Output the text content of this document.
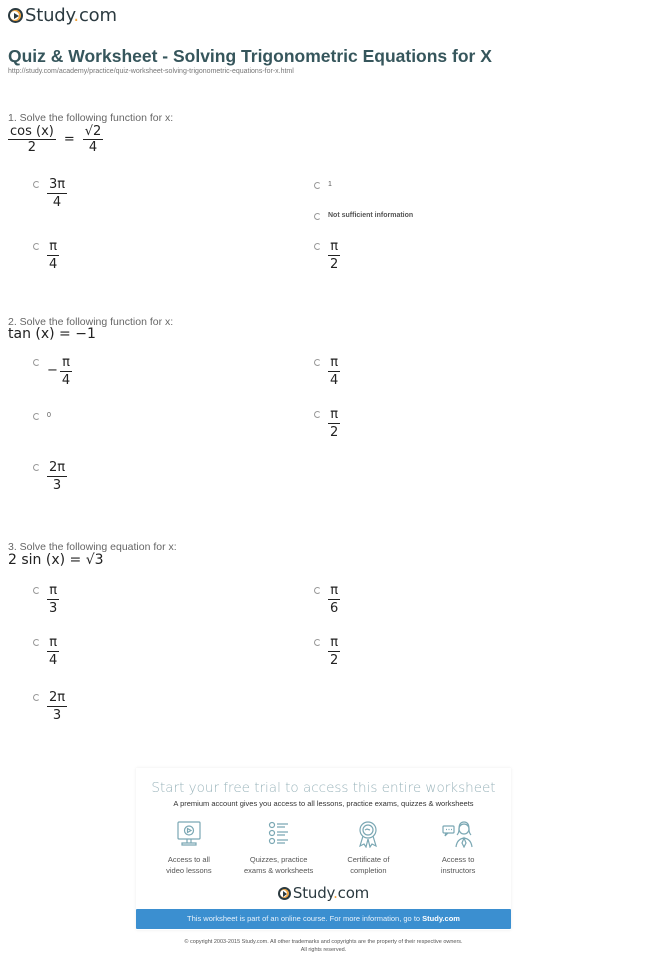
Study.com
Quiz & Worksheet - Solving Trigonometric Equations for X
http://study.com/academy/practice/quiz-worksheet-solving-trigonometric-equations-for-x.html
1. Solve the following function for x:
$\frac{\cos (x)}{2} = \frac{√2}{4}$
$\frac{3\pi}{4}$	1
Not sufficient information
$\frac{\pi}{4}$	$\frac{\pi}{2}$
2. Solve the following function for x:
tan (x) = −1
− $\frac{\pi}{4}$	$\frac{\pi}{4}$
0	$\frac{\pi}{2}$
$\frac{2\pi}{3}$
3. Solve the following equation for x:
2 sin (x) = √3
$\frac{\pi}{3}$	$\frac{\pi}{6}$
$\frac{\pi}{4}$	$\frac{\pi}{2}$
$\frac{2\pi}{3}$
Start your free trial to access this entire worksheet
A premium account gives you access to all lessons, practice exams, quizzes & worksheets
Access to all
video lessons
Quizzes, practice
exams & worksheets
Certificate of
completion
Access to
instructors
Study.com
This worksheet is part of an online course. For more information, go to Study.com
© copyright 2003-2015 Study.com. All other trademarks and copyrights are the property of their respective owners.
All rights reserved.
